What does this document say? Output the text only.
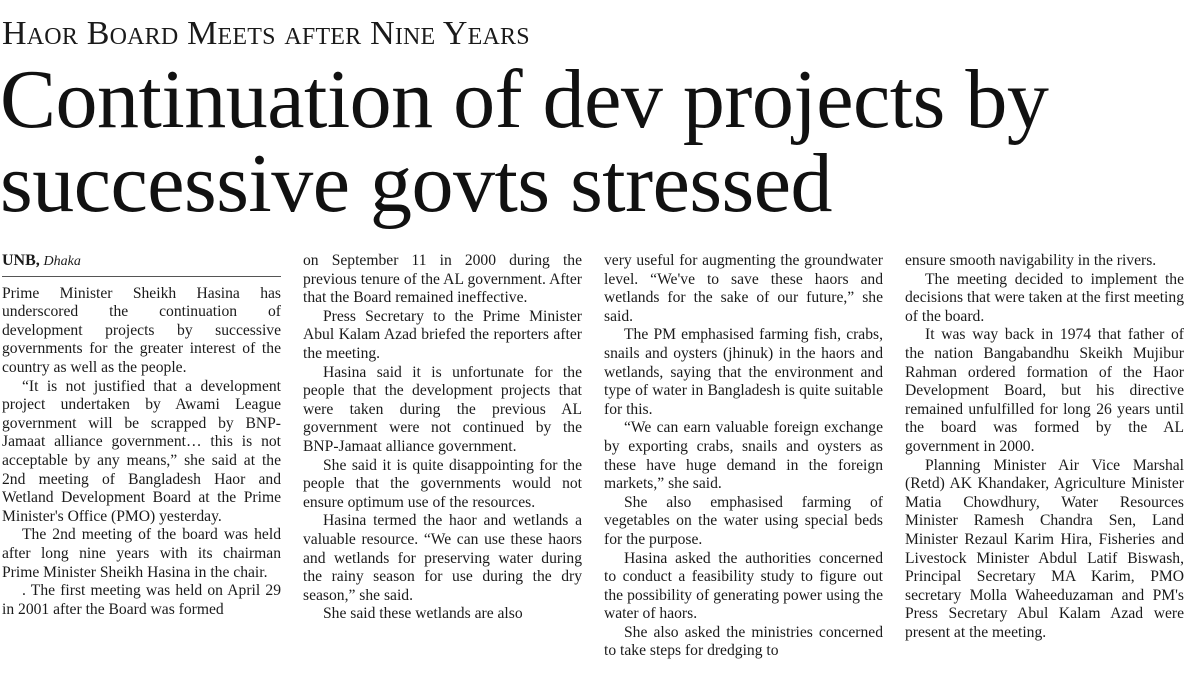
Haor Board Meets after Nine Years
Continuation of dev projects by
successive govts stressed
UNB, Dhaka

Prime Minister Sheikh Hasina has underscored the continuation of development projects by successive governments for the greater interest of the country as well as the people.

“It is not justified that a development project undertaken by Awami League government will be scrapped by BNP-Jamaat alliance government… this is not acceptable by any means,” she said at the 2nd meeting of Bangladesh Haor and Wetland Development Board at the Prime Minister's Office (PMO) yesterday.

The 2nd meeting of the board was held after long nine years with its chairman Prime Minister Sheikh Hasina in the chair.

. The first meeting was held on April 29 in 2001 after the Board was formed

on September 11 in 2000 during the previous tenure of the AL government. After that the Board remained ineffective.

Press Secretary to the Prime Minister Abul Kalam Azad briefed the reporters after the meeting.

Hasina said it is unfortunate for the people that the development projects that were taken during the previous AL government were not continued by the BNP-Jamaat alliance government.

She said it is quite disappointing for the people that the governments would not ensure optimum use of the resources.

Hasina termed the haor and wetlands a valuable resource. “We can use these haors and wetlands for preserving water during the rainy season for use during the dry season,” she said.

She said these wetlands are also

very useful for augmenting the groundwater level. “We've to save these haors and wetlands for the sake of our future,” she said.

The PM emphasised farming fish, crabs, snails and oysters (jhinuk) in the haors and wetlands, saying that the environment and type of water in Bangladesh is quite suitable for this.

“We can earn valuable foreign exchange by exporting crabs, snails and oysters as these have huge demand in the foreign markets,” she said.

She also emphasised farming of vegetables on the water using special beds for the purpose.

Hasina asked the authorities concerned to conduct a feasibility study to figure out the possibility of generating power using the water of haors.

She also asked the ministries concerned to take steps for dredging to

ensure smooth navigability in the rivers.

The meeting decided to implement the decisions that were taken at the first meeting of the board.

It was way back in 1974 that father of the nation Bangabandhu Skeikh Mujibur Rahman ordered formation of the Haor Development Board, but his directive remained unfulfilled for long 26 years until the board was formed by the AL government in 2000.

Planning Minister Air Vice Marshal (Retd) AK Khandaker, Agriculture Minister Matia Chowdhury, Water Resources Minister Ramesh Chandra Sen, Land Minister Rezaul Karim Hira, Fisheries and Livestock Minister Abdul Latif Biswash, Principal Secretary MA Karim, PMO secretary Molla Waheeduzaman and PM's Press Secretary Abul Kalam Azad were present at the meeting.
